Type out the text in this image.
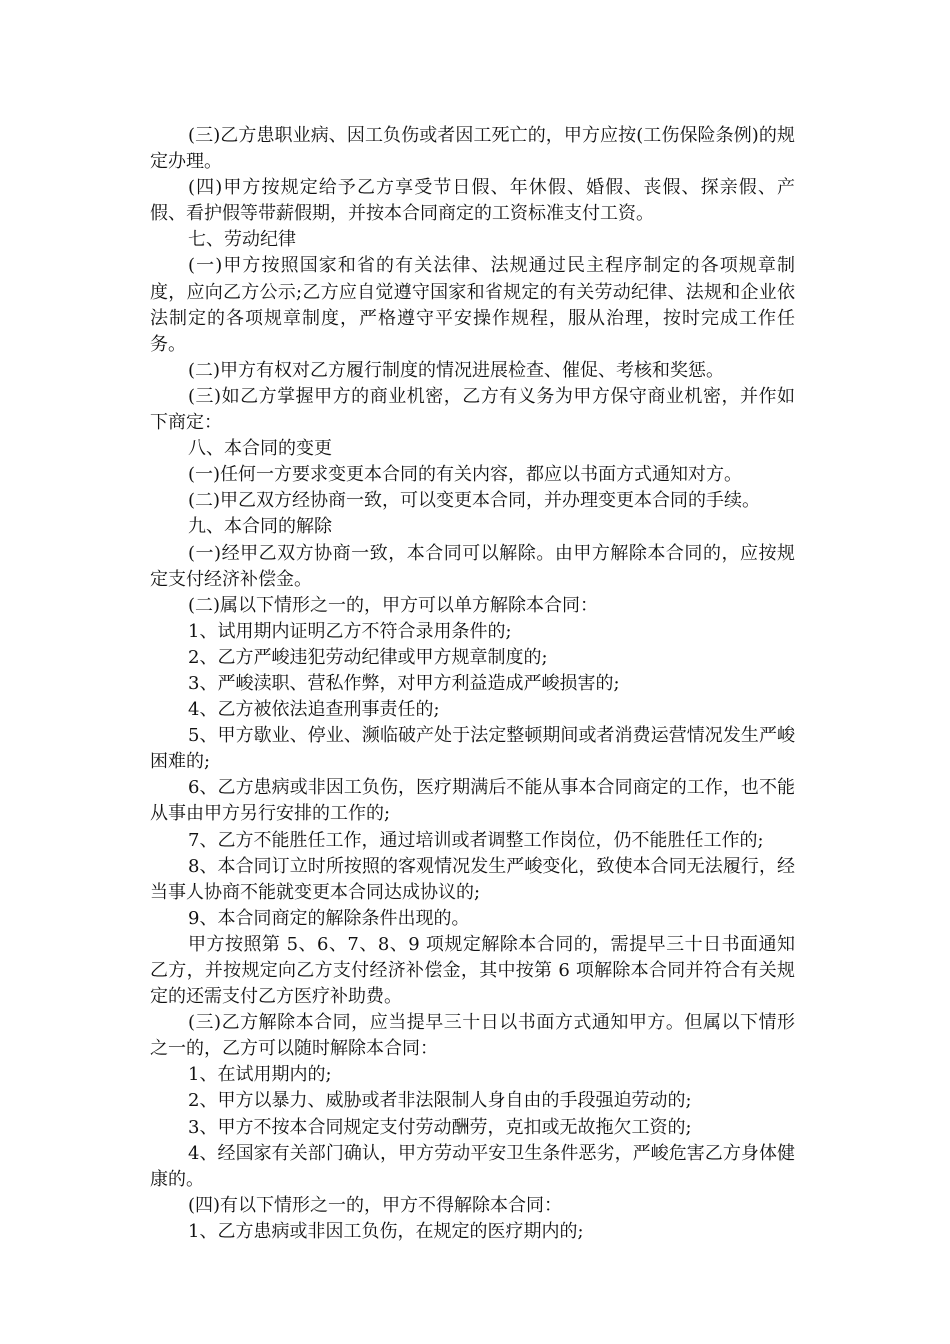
(三)乙方患职业病、因工负伤或者因工死亡的，甲方应按(工伤保险条例)的规定办理。

(四)甲方按规定给予乙方享受节日假、年休假、婚假、丧假、探亲假、产假、看护假等带薪假期，并按本合同商定的工资标准支付工资。

七、劳动纪律

(一)甲方按照国家和省的有关法律、法规通过民主程序制定的各项规章制度，应向乙方公示;乙方应自觉遵守国家和省规定的有关劳动纪律、法规和企业依法制定的各项规章制度，严格遵守平安操作规程，服从治理，按时完成工作任务。

(二)甲方有权对乙方履行制度的情况进展检查、催促、考核和奖惩。

(三)如乙方掌握甲方的商业机密，乙方有义务为甲方保守商业机密，并作如下商定：

八、本合同的变更

(一)任何一方要求变更本合同的有关内容，都应以书面方式通知对方。

(二)甲乙双方经协商一致，可以变更本合同，并办理变更本合同的手续。

九、本合同的解除

(一)经甲乙双方协商一致，本合同可以解除。由甲方解除本合同的，应按规定支付经济补偿金。

(二)属以下情形之一的，甲方可以单方解除本合同：

1、试用期内证明乙方不符合录用条件的;

2、乙方严峻违犯劳动纪律或甲方规章制度的;

3、严峻渎职、营私作弊，对甲方利益造成严峻损害的;

4、乙方被依法追查刑事责任的;

5、甲方歇业、停业、濒临破产处于法定整顿期间或者消费运营情况发生严峻困难的;

6、乙方患病或非因工负伤，医疗期满后不能从事本合同商定的工作，也不能从事由甲方另行安排的工作的;

7、乙方不能胜任工作，通过培训或者调整工作岗位，仍不能胜任工作的;

8、本合同订立时所按照的客观情况发生严峻变化，致使本合同无法履行，经当事人协商不能就变更本合同达成协议的;

9、本合同商定的解除条件出现的。

甲方按照第 5、6、7、8、9 项规定解除本合同的，需提早三十日书面通知乙方，并按规定向乙方支付经济补偿金，其中按第 6 项解除本合同并符合有关规定的还需支付乙方医疗补助费。

(三)乙方解除本合同，应当提早三十日以书面方式通知甲方。但属以下情形之一的，乙方可以随时解除本合同：

1、在试用期内的;

2、甲方以暴力、威胁或者非法限制人身自由的手段强迫劳动的;

3、甲方不按本合同规定支付劳动酬劳，克扣或无故拖欠工资的;

4、经国家有关部门确认，甲方劳动平安卫生条件恶劣，严峻危害乙方身体健康的。

(四)有以下情形之一的，甲方不得解除本合同：

1、乙方患病或非因工负伤，在规定的医疗期内的;
